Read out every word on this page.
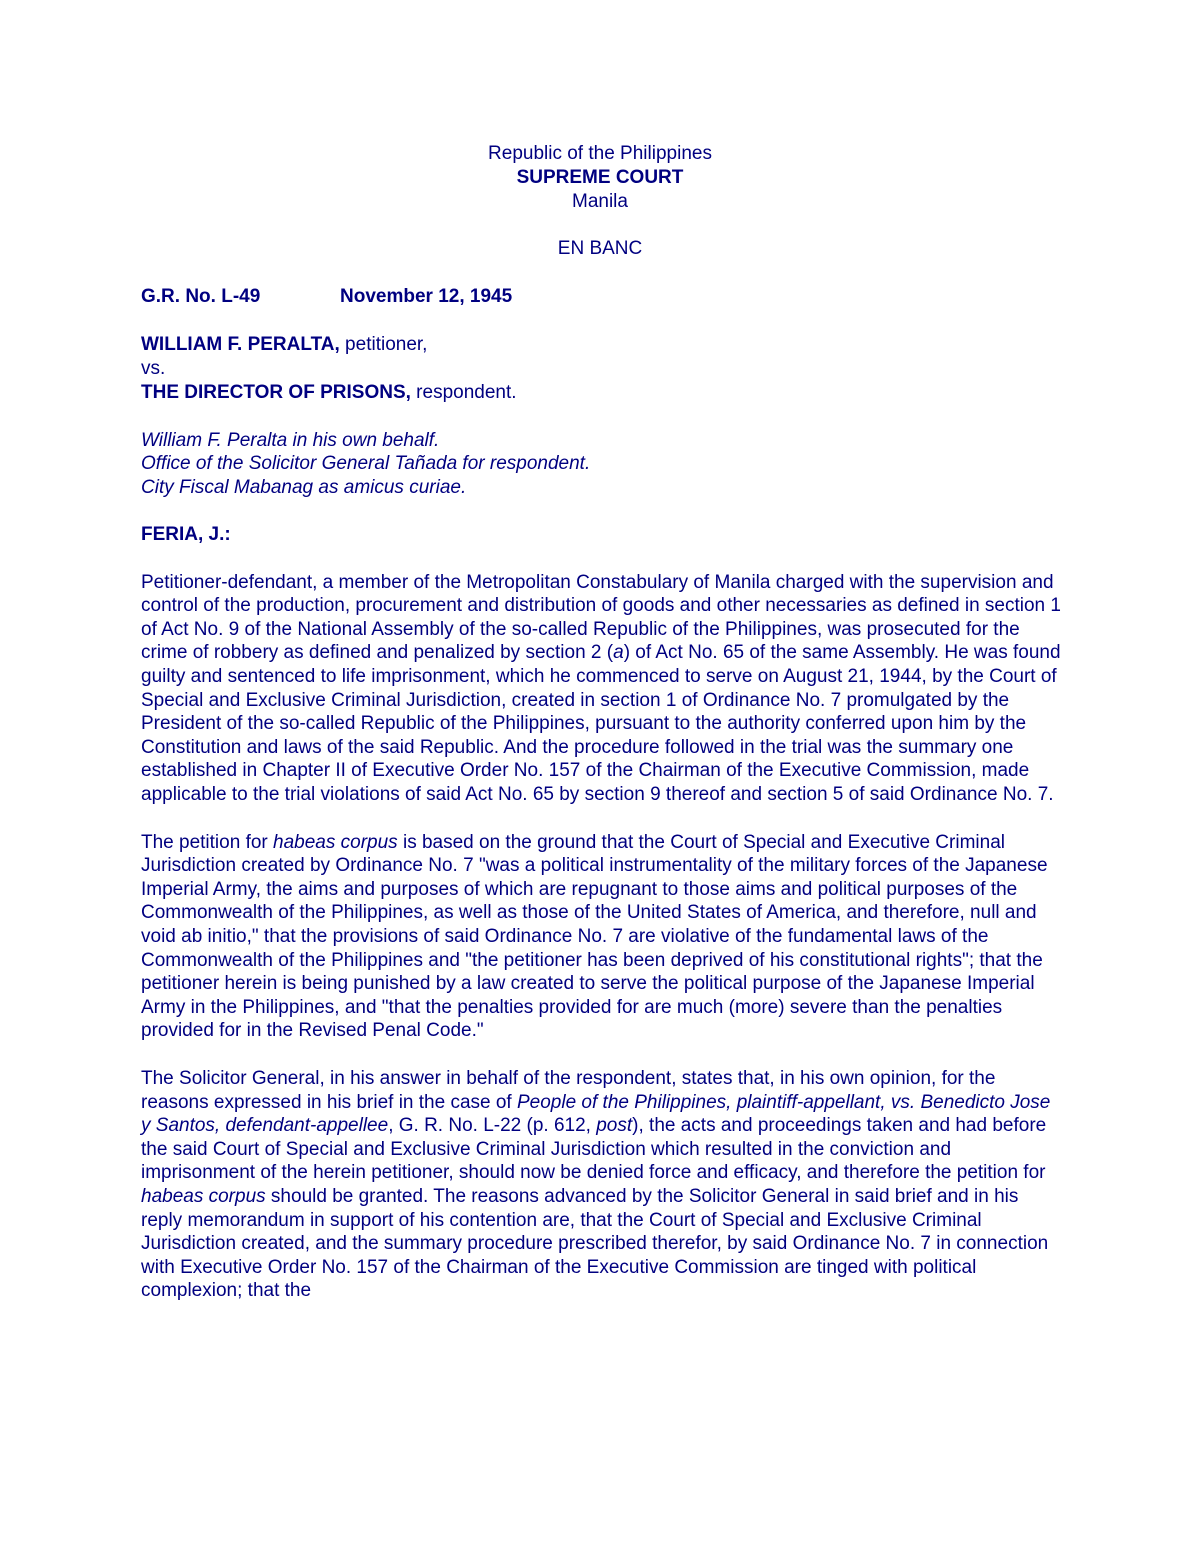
Republic of the Philippines
SUPREME COURT
Manila
EN BANC
G.R. No. L-49	November 12, 1945
WILLIAM F. PERALTA, petitioner,
vs.
THE DIRECTOR OF PRISONS, respondent.
William F. Peralta in his own behalf.
Office of the Solicitor General Tañada for respondent.
City Fiscal Mabanag as amicus curiae.
FERIA, J.:

Petitioner-defendant, a member of the Metropolitan Constabulary of Manila charged with the supervision and control of the production, procurement and distribution of goods and other necessaries as defined in section 1 of Act No. 9 of the National Assembly of the so-called Republic of the Philippines, was prosecuted for the crime of robbery as defined and penalized by section 2 (a) of Act No. 65 of the same Assembly. He was found guilty and sentenced to life imprisonment, which he commenced to serve on August 21, 1944, by the Court of Special and Exclusive Criminal Jurisdiction, created in section 1 of Ordinance No. 7 promulgated by the President of the so-called Republic of the Philippines, pursuant to the authority conferred upon him by the Constitution and laws of the said Republic. And the procedure followed in the trial was the summary one established in Chapter II of Executive Order No. 157 of the Chairman of the Executive Commission, made applicable to the trial violations of said Act No. 65 by section 9 thereof and section 5 of said Ordinance No. 7.

The petition for habeas corpus is based on the ground that the Court of Special and Executive Criminal Jurisdiction created by Ordinance No. 7 "was a political instrumentality of the military forces of the Japanese Imperial Army, the aims and purposes of which are repugnant to those aims and political purposes of the Commonwealth of the Philippines, as well as those of the United States of America, and therefore, null and void ab initio," that the provisions of said Ordinance No. 7 are violative of the fundamental laws of the Commonwealth of the Philippines and "the petitioner has been deprived of his constitutional rights"; that the petitioner herein is being punished by a law created to serve the political purpose of the Japanese Imperial Army in the Philippines, and "that the penalties provided for are much (more) severe than the penalties provided for in the Revised Penal Code."

The Solicitor General, in his answer in behalf of the respondent, states that, in his own opinion, for the reasons expressed in his brief in the case of People of the Philippines, plaintiff-appellant, vs. Benedicto Jose y Santos, defendant-appellee, G. R. No. L-22 (p. 612, post), the acts and proceedings taken and had before the said Court of Special and Exclusive Criminal Jurisdiction which resulted in the conviction and imprisonment of the herein petitioner, should now be denied force and efficacy, and therefore the petition for habeas corpus should be granted. The reasons advanced by the Solicitor General in said brief and in his reply memorandum in support of his contention are, that the Court of Special and Exclusive Criminal Jurisdiction created, and the summary procedure prescribed therefor, by said Ordinance No. 7 in connection with Executive Order No. 157 of the Chairman of the Executive Commission are tinged with political complexion; that the
